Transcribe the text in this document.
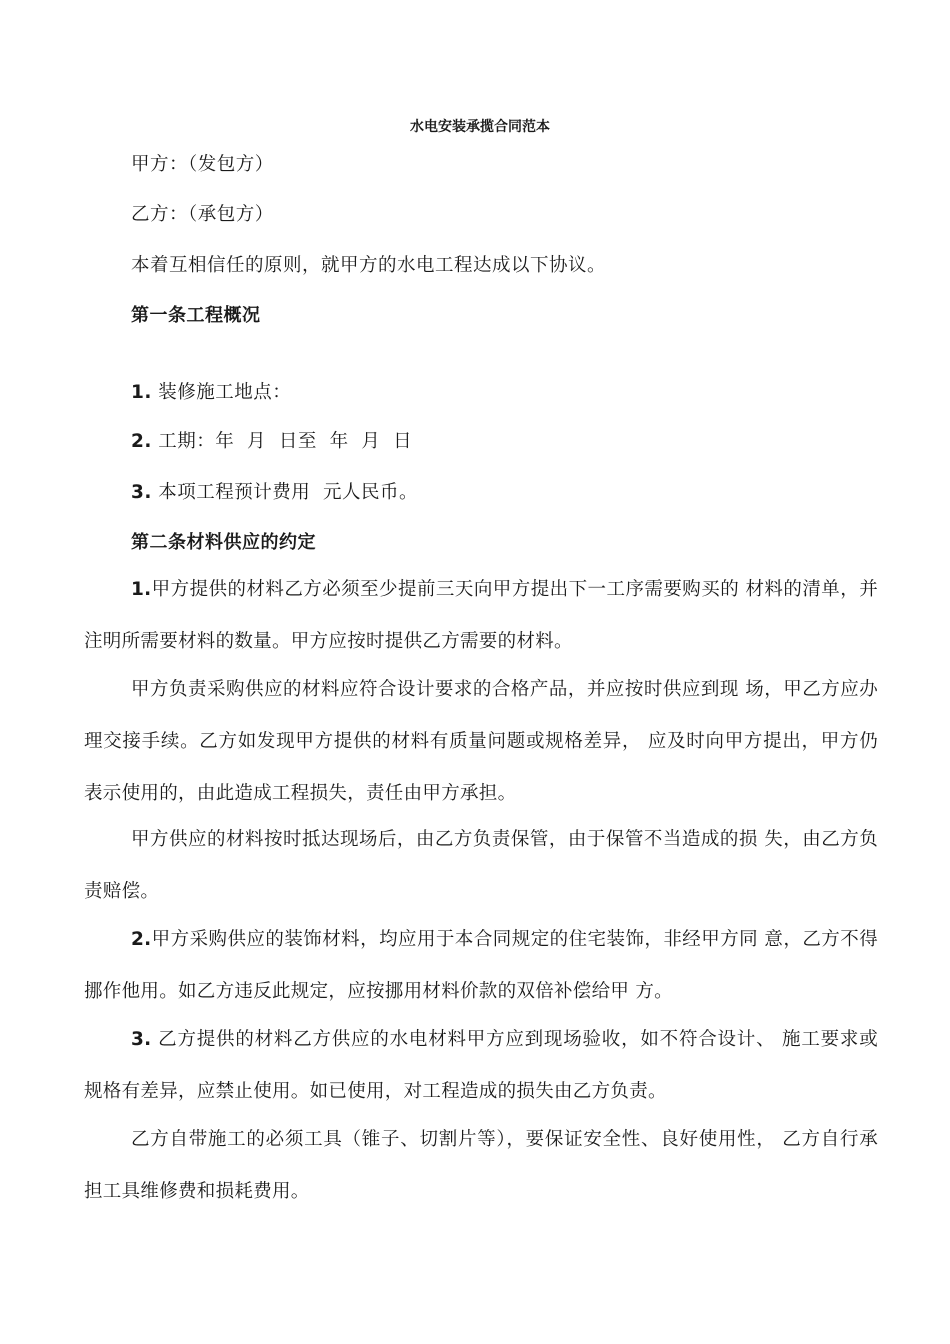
水电安装承揽合同范本
甲方：（发包方）
乙方：（承包方）
本着互相信任的原则，就甲方的水电工程达成以下协议。
第一条工程概况
1. 装修施工地点：
2. 工期：年  月  日至  年  月  日
3. 本项工程预计费用  元人民币。
第二条材料供应的约定
1.甲方提供的材料乙方必须至少提前三天向甲方提出下一工序需要购买的 材料的清单，并注明所需要材料的数量。甲方应按时提供乙方需要的材料。
甲方负责采购供应的材料应符合设计要求的合格产品，并应按时供应到现 场，甲乙方应办理交接手续。乙方如发现甲方提供的材料有质量问题或规格差异， 应及时向甲方提出，甲方仍表示使用的，由此造成工程损失，责任由甲方承担。
甲方供应的材料按时抵达现场后，由乙方负责保管，由于保管不当造成的损 失，由乙方负责赔偿。
2.甲方采购供应的装饰材料，均应用于本合同规定的住宅装饰，非经甲方同 意，乙方不得挪作他用。如乙方违反此规定，应按挪用材料价款的双倍补偿给甲 方。
3. 乙方提供的材料乙方供应的水电材料甲方应到现场验收，如不符合设计、 施工要求或规格有差异，应禁止使用。如已使用，对工程造成的损失由乙方负责。
乙方自带施工的必须工具（锥子、切割片等），要保证安全性、良好使用性， 乙方自行承担工具维修费和损耗费用。
